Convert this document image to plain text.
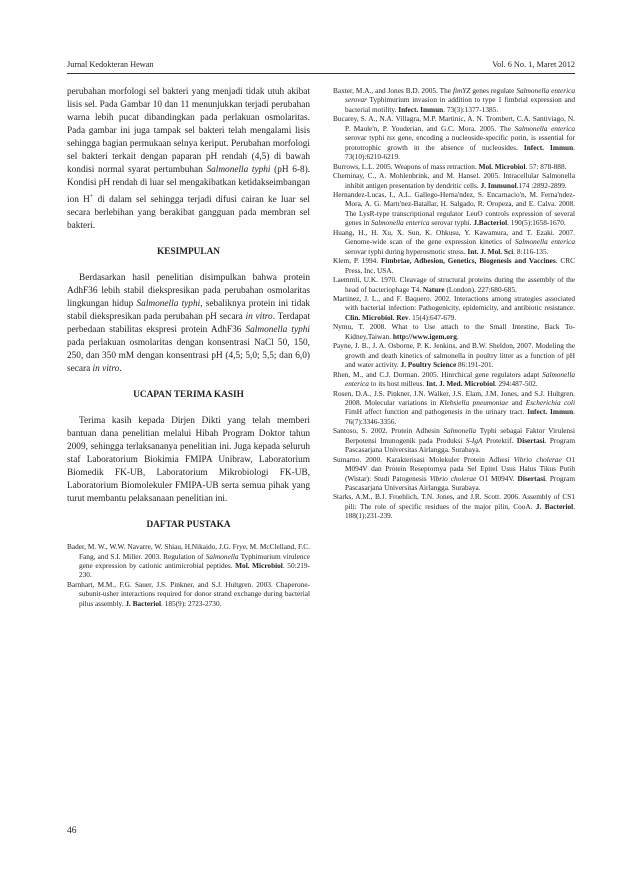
Jurnal Kedokteran Hewan	Vol. 6 No. 1, Maret 2012

perubahan morfologi sel bakteri yang menjadi tidak utuh akibat lisis sel. Pada Gambar 10 dan 11 menunjukkan terjadi perubahan warna lebih pucat dibandingkan pada perlakuan osmolaritas. Pada gambar ini juga tampak sel bakteri telah mengalami lisis sehingga bagian permukaan selnya keriput. Perubahan morfologi sel bakteri terkait dengan paparan pH rendah (4,5) di bawah kondisi normal syarat pertumbuhan Salmonella typhi (pH 6-8). Kondisi pH rendah di luar sel mengakibatkan ketidakseimbangan ion H+ di dalam sel sehingga terjadi difusi cairan ke luar sel secara berlebihan yang berakibat gangguan pada membran sel bakteri.

KESIMPULAN

Berdasarkan hasil penelitian disimpulkan bahwa protein AdhF36 lebih stabil diekspresikan pada perubahan osmolaritas lingkungan hidup Salmonella typhi, sebaliknya protein ini tidak stabil diekspresikan pada perubahan pH secara in vitro. Terdapat perbedaan stabilitas ekspresi protein AdhF36 Salmonella typhi pada perlakuan osmolaritas dengan konsentrasi NaCl 50, 150, 250, dan 350 mM dengan konsentrasi pH (4,5; 5,0; 5,5; dan 6,0) secara in vitro.

UCAPAN TERIMA KASIH

Terima kasih kepada Dirjen Dikti yang telah memberi bantuan dana penelitian melalui Hibah Program Doktor tahun 2009, sehingga terlaksananya penelitian ini. Juga kepada seluruh staf Laboratorium Biokimia FMIPA Unibraw, Laboratorium Biomedik FK-UB, Laboratorium Mikrobiologi FK-UB, Laboratorium Biomolekuler FMIPA-UB serta semua pihak yang turut membantu pelaksanaan penelitian ini.

DAFTAR PUSTAKA

Bader, M. W., W.W. Navarre, W. Shiau, H.Nikaido, J.G. Frye, M. McClelland, F.C. Fang, and S.I. Miller. 2003. Regulation of Salmonella Typhimurium virulence gene expression by cationic antimicrobial peptides. Mol. Microbiol. 50:219-230.

Barnhart, M.M., F.G. Sauer, J.S. Pinkner, and S.J. Hultgren. 2003. Chaperone-subunit-usher interactions required for donor strand exchange during bacterial pilus assembly. J. Bacteriol. 185(9): 2723-2730.

Baxter, M.A., and Jones B.D. 2005. The fimYZ genes regulate Salmonella enterica serovar Typhimurium invasion in addition to type 1 fimbrial expression and bacterial motility. Infect. Immun. 73(3):1377-1385.

Bucarey, S. A., N.A. Villagra, M.P. Martinic, A. N. Trombert, C.A. Santiviago, N. P. Maule'n, P. Youderian, and G.C. Mora. 2005. The Salmonella enterica serovar typhi tsx gene, encoding a nucleoside-specific porin, is essential for prototrophic growth in the absence of nucleosides. Infect. Immun. 73(10):6210-6219.

Burrows, L.L. 2005. Weapons of mass retraction. Mol. Microbiol. 57: 878-888.

Cheminay, C., A. Mohlenbrink, and M. Hansel. 2005. Intracellular Salmonella inhibit antigen presentation by dendritic cells. J. Immunol.174 :2892-2899.

Hernandez-Lucas, I., A.L. Gallego-Herna'ndez, S. Encarnacio'n, M. Ferna'ndez-Mora, A. G. Martı'nez-Batallar, H. Salgado, R. Oropeza, and E. Calva. 2008. The LysR-type transcriptional regulator LeuO controls expression of several genes in Salmonella enterica serovar typhi. J.Bacteriol. 190(5):1658-1670.

Huang, H., H. Xu, X. Sun, K. Ohkusu, Y. Kawamura, and T. Ezaki. 2007. Genome-wide scan of the gene expression kinetics of Salmonella enterica serovar typhi during hyperosmotic stress. Int. J. Mol. Sci. 8:116-135.

Klem, P. 1994. Fimbriae, Adhesion, Genetics, Biogenesis and Vaccines. CRC Press, Inc, USA.

Laemmli, U.K. 1970. Cleavage of structural proteins during the assembly of the head of bacteriophage T4. Nature (London). 227:680-685.

Martinez, J. L., and F. Baquero. 2002. Interactions among strategies associated with bacterial infection: Pathogenicity, epidemicity, and antibiotic resistance. Clin. Microbiol. Rev. 15(4):647-679.

Nymu, T. 2008. What to Use attach to the Small Intestine, Back To-Kidney,Taiwan. http://www.igem.org.

Payne, J. B., J. A. Osborne, P. K. Jenkins, and B.W. Sheldon, 2007. Modeling the growth and death kinetics of salmonella in poultry litter as a function of pH and water activity. J. Poultry Science 86:191-201.

Rhen, M., and C.J. Dorman. 2005. Hinrchical gene regulators adapt Salmonella enterica to its host milleus. Int. J. Med. Microbiol. 294:487-502.

Rosen, D.A., J.S. Pinkner, J.N. Walker, J.S. Elam, J.M. Jones, and S.J. Hultgren. 2008. Molecular variations in Klebsiella pneumoniae and Escherichia coli FimH affect function and pathogenesis in the urinary tract. Infect. Immun. 76(7):3346-3356.

Santoso, S. 2002. Protein Adhesin Salmonella Typhi sebagai Faktor Virulensi Berpotensi Imunogenik pada Produksi S-IgA Protektif. Disertasi. Program Pascasarjana Universitas Airlangga. Surabaya.

Sumarno. 2000. Karakterisasi Molekuler Protein Adhesi Vibrio cholerae O1 M094V dan Protein Reseptornya pada Sel Epitel Usus Halus Tikus Putih (Wistar): Studi Patogenesis Vibrio cholerae O1 M094V. Disertasi. Program Pascasarjana Universitas Airlangga. Surabaya.

Starks, A.M., B.J. Froehlich, T.N. Jones, and J.R. Scott. 2006. Assembly of CS1 pili: The role of specific residues of the major pilin, CooA. J. Bacteriol. 188(1):231-239.

46
